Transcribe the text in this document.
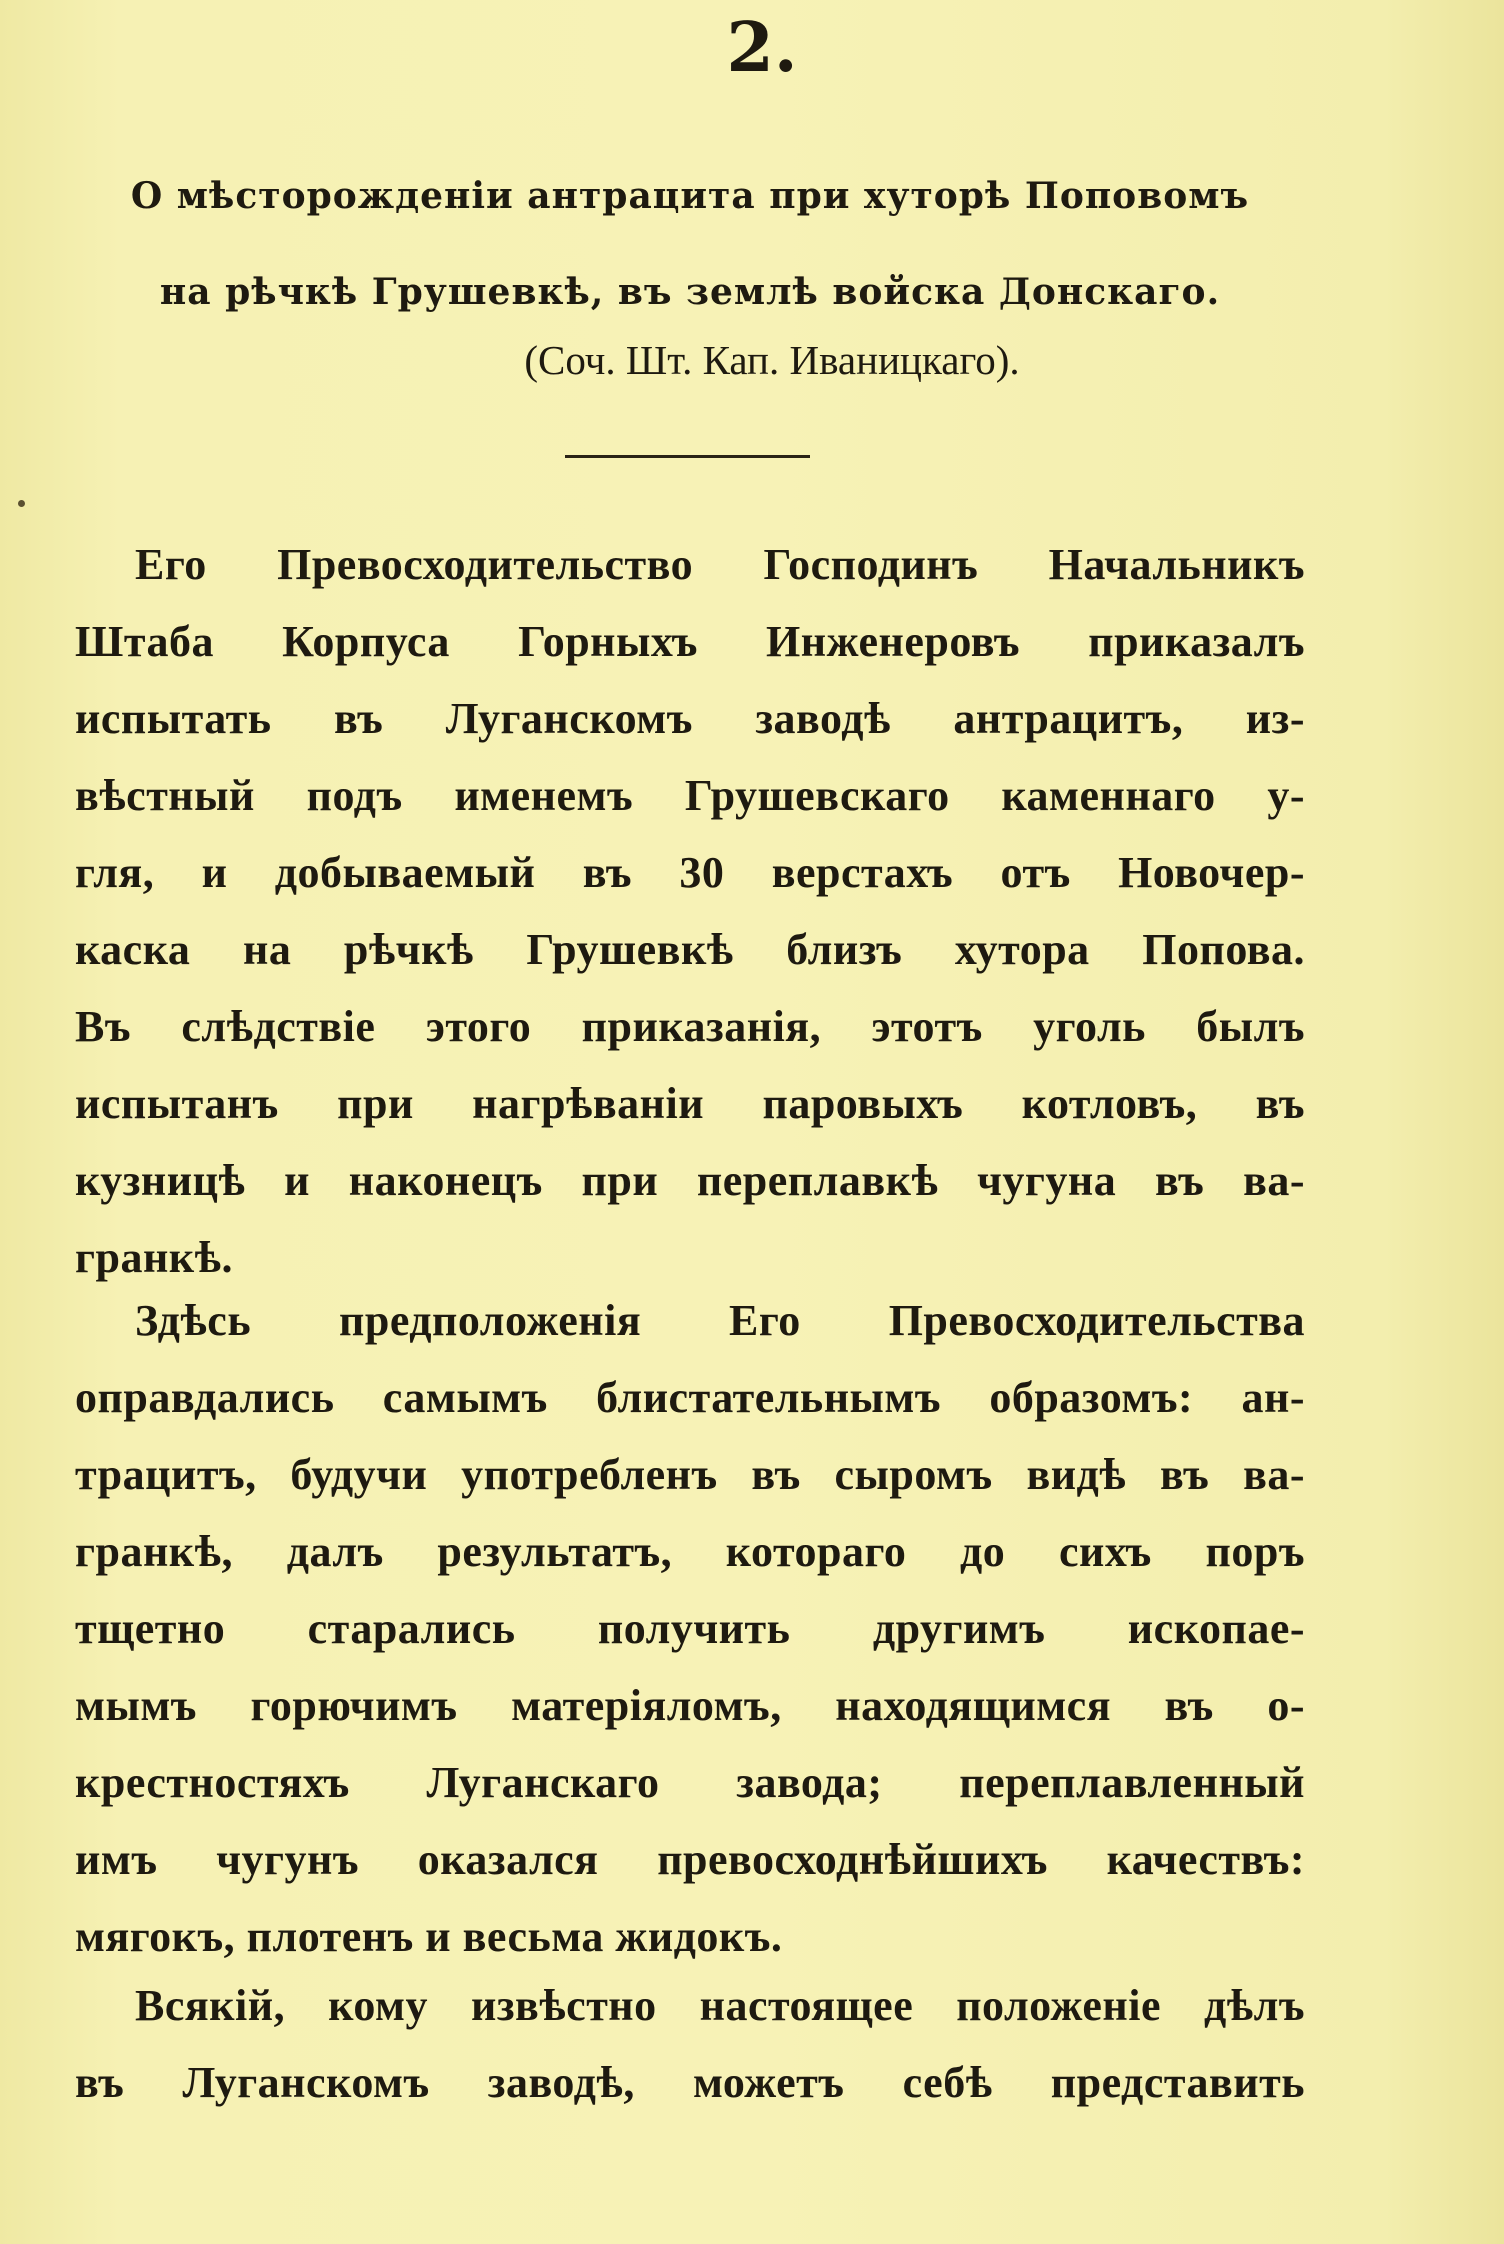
2.
О мѣсторожденіи антрацита при хуторѣ Поповомъ
на рѣчкѣ Грушевкѣ, въ землѣ войска Донскаго.
(Соч. Шт. Кап. Иваницкаго).
Его Превосходительство Господинъ Начальникъ
Штаба Корпуса Горныхъ Инженеровъ приказалъ
испытать въ Луганскомъ заводѣ антрацитъ, из-
вѣстный подъ именемъ Грушевскаго каменнаго у-
гля, и добываемый въ 30 верстахъ отъ Новочер-
каска на рѣчкѣ Грушевкѣ близъ хутора Попова.
Въ слѣдствіе этого приказанія, этотъ уголь былъ
испытанъ при нагрѣваніи паровыхъ котловъ, въ
кузницѣ и наконецъ при переплавкѣ чугуна въ ва-
гранкѣ.
Здѣсь предположенія Его Превосходительства
оправдались самымъ блистательнымъ образомъ: ан-
трацитъ, будучи употребленъ въ сыромъ видѣ въ ва-
гранкѣ, далъ результатъ, котораго до сихъ поръ
тщетно старались получить другимъ ископае-
мымъ горючимъ матеріяломъ, находящимся въ о-
крестностяхъ Луганскаго завода; переплавленный
имъ чугунъ оказался превосходнѣйшихъ качествъ:
мягокъ, плотенъ и весьма жидокъ.
Всякій, кому извѣстно настоящее положеніе дѣлъ
въ Луганскомъ заводѣ, можетъ себѣ представить
